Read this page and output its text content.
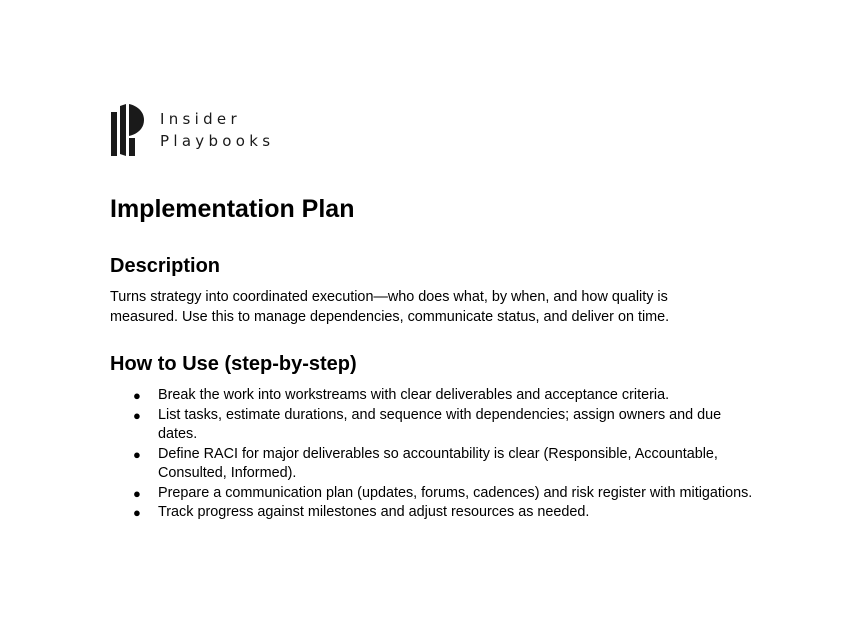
Insider
Playbooks
Implementation Plan
Description

Turns strategy into coordinated execution—who does what, by when, and how quality is measured. Use this to manage dependencies, communicate status, and deliver on time.

How to Use (step-by-step)
● Break the work into workstreams with clear deliverables and acceptance criteria.
● List tasks, estimate durations, and sequence with dependencies; assign owners and due dates.
● Define RACI for major deliverables so accountability is clear (Responsible, Accountable, Consulted, Informed).
● Prepare a communication plan (updates, forums, cadences) and risk register with mitigations.
● Track progress against milestones and adjust resources as needed.
